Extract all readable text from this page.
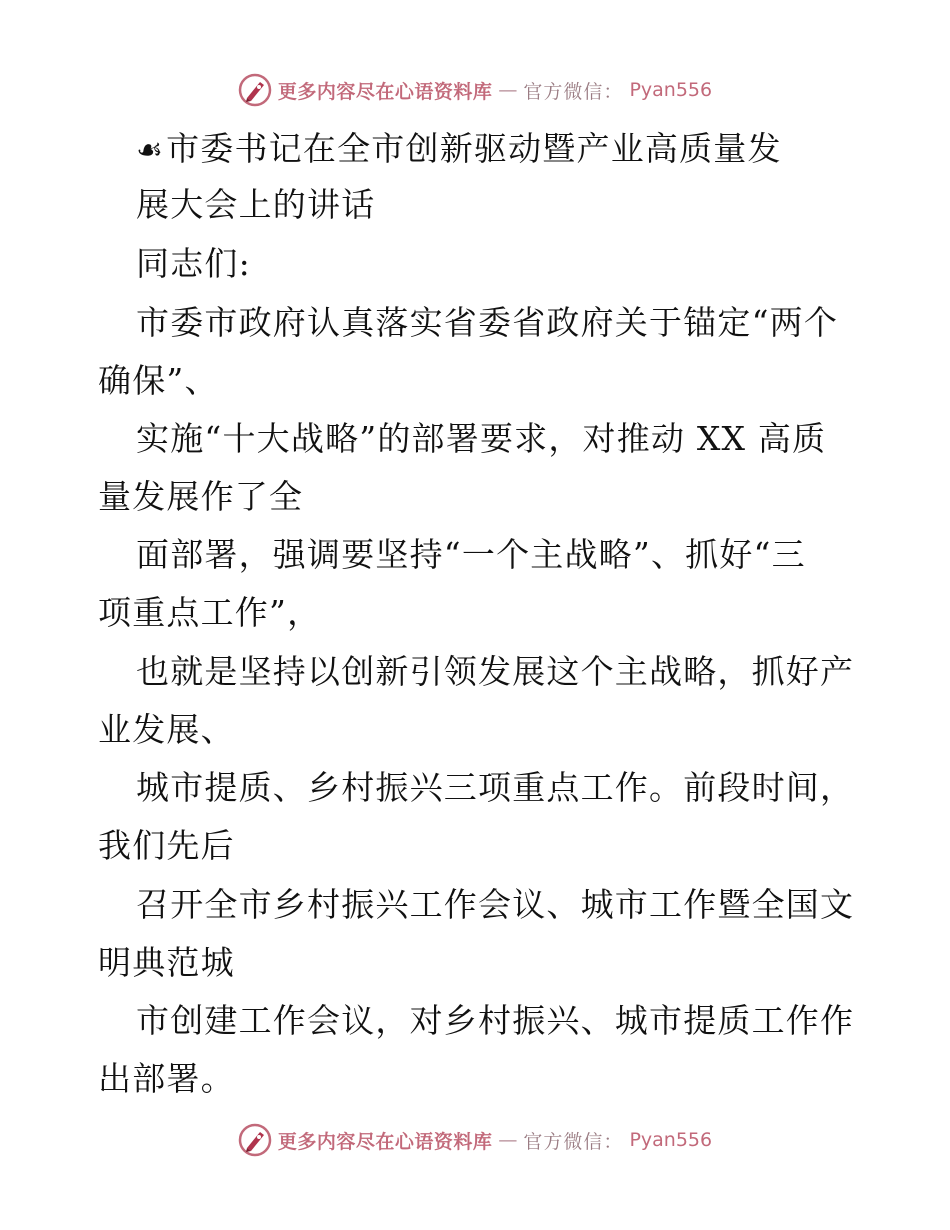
更多内容尽在心语资料库 — 官方微信： Pyan556
☙市委书记在全市创新驱动暨产业高质量发
展大会上的讲话
同志们:
市委市政府认真落实省委省政府关于锚定“两个
确保”、
实施“十大战略”的部署要求，对推动 XX 高质
量发展作了全
面部署，强调要坚持“一个主战略”、抓好“三
项重点工作”，
也就是坚持以创新引领发展这个主战略，抓好产
业发展、
城市提质、乡村振兴三项重点工作。前段时间，
我们先后
召开全市乡村振兴工作会议、城市工作暨全国文
明典范城
市创建工作会议，对乡村振兴、城市提质工作作
出部署。
更多内容尽在心语资料库 — 官方微信： Pyan556
